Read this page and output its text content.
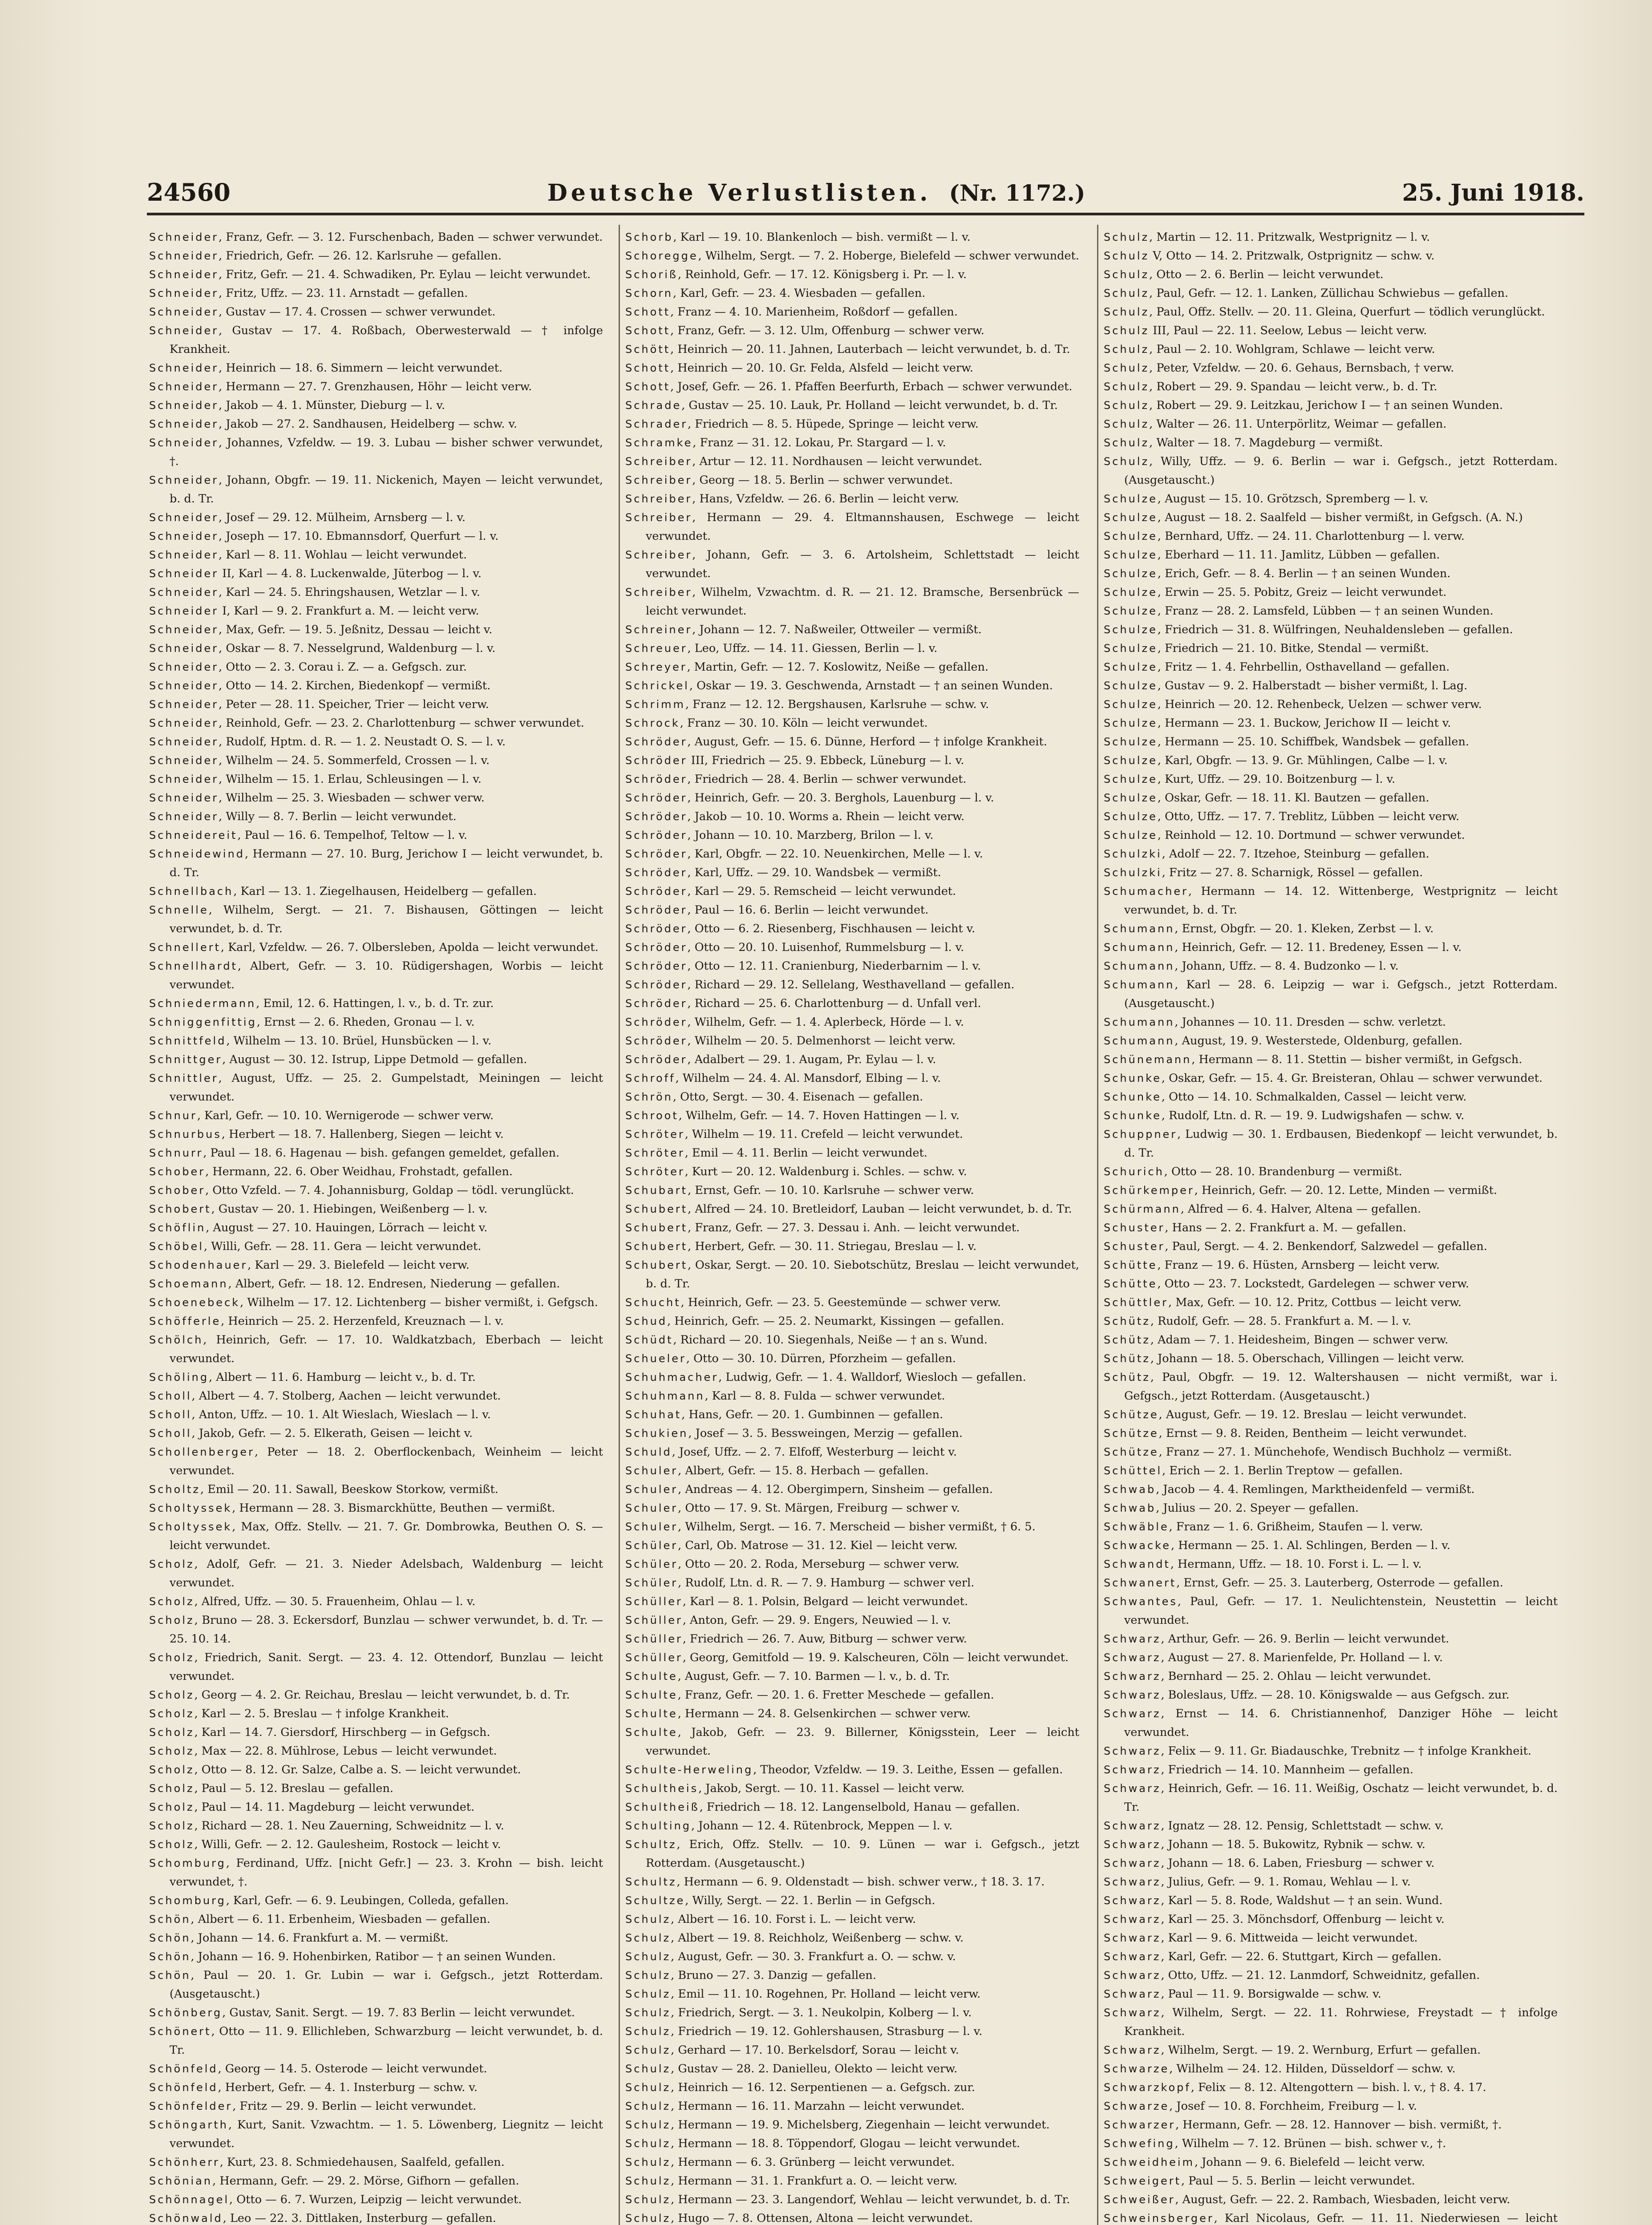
24560	Deutsche Verlustlisten. (Nr. 1172.)	25. Juni 1918.

Schneider, Franz, Gefr. — 3. 12. Furschenbach, Baden — schwer verwundet.

Schneider, Friedrich, Gefr. — 26. 12. Karlsruhe — gefallen.

Schneider, Fritz, Gefr. — 21. 4. Schwadiken, Pr. Eylau — leicht verwundet.

Schneider, Fritz, Uffz. — 23. 11. Arnstadt — gefallen.

Schneider, Gustav — 17. 4. Crossen — schwer verwundet.

Schneider, Gustav — 17. 4. Roßbach, Oberwesterwald — † infolge Krankheit.

Schneider, Heinrich — 18. 6. Simmern — leicht verwundet.

Schneider, Hermann — 27. 7. Grenzhausen, Höhr — leicht verw.

Schneider, Jakob — 4. 1. Münster, Dieburg — l. v.

Schneider, Jakob — 27. 2. Sandhausen, Heidelberg — schw. v.

Schneider, Johannes, Vzfeldw. — 19. 3. Lubau — bisher schwer verwundet, †.

Schneider, Johann, Obgfr. — 19. 11. Nickenich, Mayen — leicht verwundet, b. d. Tr.

Schneider, Josef — 29. 12. Mülheim, Arnsberg — l. v.

Schneider, Joseph — 17. 10. Ebmannsdorf, Querfurt — l. v.

Schneider, Karl — 8. 11. Wohlau — leicht verwundet.

Schneider II, Karl — 4. 8. Luckenwalde, Jüterbog — l. v.

Schneider, Karl — 24. 5. Ehringshausen, Wetzlar — l. v.

Schneider I, Karl — 9. 2. Frankfurt a. M. — leicht verw.

Schneider, Max, Gefr. — 19. 5. Jeßnitz, Dessau — leicht v.

Schneider, Oskar — 8. 7. Nesselgrund, Waldenburg — l. v.

Schneider, Otto — 2. 3. Corau i. Z. — a. Gefgsch. zur.

Schneider, Otto — 14. 2. Kirchen, Biedenkopf — vermißt.

Schneider, Peter — 28. 11. Speicher, Trier — leicht verw.

Schneider, Reinhold, Gefr. — 23. 2. Charlottenburg — schwer verwundet.

Schneider, Rudolf, Hptm. d. R. — 1. 2. Neustadt O. S. — l. v.

Schneider, Wilhelm — 24. 5. Sommerfeld, Crossen — l. v.

Schneider, Wilhelm — 15. 1. Erlau, Schleusingen — l. v.

Schneider, Wilhelm — 25. 3. Wiesbaden — schwer verw.

Schneider, Willy — 8. 7. Berlin — leicht verwundet.

Schneidereit, Paul — 16. 6. Tempelhof, Teltow — l. v.

Schneidewind, Hermann — 27. 10. Burg, Jerichow I — leicht verwundet, b. d. Tr.

Schnellbach, Karl — 13. 1. Ziegelhausen, Heidelberg — gefallen.

Schnelle, Wilhelm, Sergt. — 21. 7. Bishausen, Göttingen — leicht verwundet, b. d. Tr.

Schnellert, Karl, Vzfeldw. — 26. 7. Olbersleben, Apolda — leicht verwundet.

Schnellhardt, Albert, Gefr. — 3. 10. Rüdigershagen, Worbis — leicht verwundet.

Schniedermann, Emil, 12. 6. Hattingen, l. v., b. d. Tr. zur.

Schniggenfittig, Ernst — 2. 6. Rheden, Gronau — l. v.

Schnittfeld, Wilhelm — 13. 10. Brüel, Hunsbücken — l. v.

Schnittger, August — 30. 12. Istrup, Lippe Detmold — gefallen.

Schnittler, August, Uffz. — 25. 2. Gumpelstadt, Meiningen — leicht verwundet.

Schnur, Karl, Gefr. — 10. 10. Wernigerode — schwer verw.

Schnurbus, Herbert — 18. 7. Hallenberg, Siegen — leicht v.

Schnurr, Paul — 18. 6. Hagenau — bish. gefangen gemeldet, gefallen.

Schober, Hermann, 22. 6. Ober Weidhau, Frohstadt, gefallen.

Schober, Otto Vzfeld. — 7. 4. Johannisburg, Goldap — tödl. verunglückt.

Schobert, Gustav — 20. 1. Hiebingen, Weißenberg — l. v.

Schöflin, August — 27. 10. Hauingen, Lörrach — leicht v.

Schöbel, Willi, Gefr. — 28. 11. Gera — leicht verwundet.

Schodenhauer, Karl — 29. 3. Bielefeld — leicht verw.

Schoemann, Albert, Gefr. — 18. 12. Endresen, Niederung — gefallen.

Schoenebeck, Wilhelm — 17. 12. Lichtenberg — bisher vermißt, i. Gefgsch.

Schöfferle, Heinrich — 25. 2. Herzenfeld, Kreuznach — l. v.

Schölch, Heinrich, Gefr. — 17. 10. Waldkatzbach, Eberbach — leicht verwundet.

Schöling, Albert — 11. 6. Hamburg — leicht v., b. d. Tr.

Scholl, Albert — 4. 7. Stolberg, Aachen — leicht verwundet.

Scholl, Anton, Uffz. — 10. 1. Alt Wieslach, Wieslach — l. v.

Scholl, Jakob, Gefr. — 2. 5. Elkerath, Geisen — leicht v.

Schollenberger, Peter — 18. 2. Oberflockenbach, Weinheim — leicht verwundet.

Scholtz, Emil — 20. 11. Sawall, Beeskow Storkow, vermißt.

Scholtyssek, Hermann — 28. 3. Bismarckhütte, Beuthen — vermißt.

Scholtyssek, Max, Offz. Stellv. — 21. 7. Gr. Dombrowka, Beuthen O. S. — leicht verwundet.

Scholz, Adolf, Gefr. — 21. 3. Nieder Adelsbach, Waldenburg — leicht verwundet.

Scholz, Alfred, Uffz. — 30. 5. Frauenheim, Ohlau — l. v.

Scholz, Bruno — 28. 3. Eckersdorf, Bunzlau — schwer verwundet, b. d. Tr. — 25. 10. 14.

Scholz, Friedrich, Sanit. Sergt. — 23. 4. 12. Ottendorf, Bunzlau — leicht verwundet.

Scholz, Georg — 4. 2. Gr. Reichau, Breslau — leicht verwundet, b. d. Tr.

Scholz, Karl — 2. 5. Breslau — † infolge Krankheit.

Scholz, Karl — 14. 7. Giersdorf, Hirschberg — in Gefgsch.

Scholz, Max — 22. 8. Mühlrose, Lebus — leicht verwundet.

Scholz, Otto — 8. 12. Gr. Salze, Calbe a. S. — leicht verwundet.

Scholz, Paul — 5. 12. Breslau — gefallen.

Scholz, Paul — 14. 11. Magdeburg — leicht verwundet.

Scholz, Richard — 28. 1. Neu Zauerning, Schweidnitz — l. v.

Scholz, Willi, Gefr. — 2. 12. Gaulesheim, Rostock — leicht v.

Schomburg, Ferdinand, Uffz. [nicht Gefr.] — 23. 3. Krohn — bish. leicht verwundet, †.

Schomburg, Karl, Gefr. — 6. 9. Leubingen, Colleda, gefallen.

Schön, Albert — 6. 11. Erbenheim, Wiesbaden — gefallen.

Schön, Johann — 14. 6. Frankfurt a. M. — vermißt.

Schön, Johann — 16. 9. Hohenbirken, Ratibor — † an seinen Wunden.

Schön, Paul — 20. 1. Gr. Lubin — war i. Gefgsch., jetzt Rotterdam. (Ausgetauscht.)

Schönberg, Gustav, Sanit. Sergt. — 19. 7. 83 Berlin — leicht verwundet.

Schönert, Otto — 11. 9. Ellichleben, Schwarzburg — leicht verwundet, b. d. Tr.

Schönfeld, Georg — 14. 5. Osterode — leicht verwundet.

Schönfeld, Herbert, Gefr. — 4. 1. Insterburg — schw. v.

Schönfelder, Fritz — 29. 9. Berlin — leicht verwundet.

Schöngarth, Kurt, Sanit. Vzwachtm. — 1. 5. Löwenberg, Liegnitz — leicht verwundet.

Schönherr, Kurt, 23. 8. Schmiedehausen, Saalfeld, gefallen.

Schönian, Hermann, Gefr. — 29. 2. Mörse, Gifhorn — gefallen.

Schönnagel, Otto — 6. 7. Wurzen, Leipzig — leicht verwundet.

Schönwald, Leo — 22. 3. Dittlaken, Insterburg — gefallen.

Schorb, Karl — 19. 10. Blankenloch — bish. vermißt — l. v.

Schoregge, Wilhelm, Sergt. — 7. 2. Hoberge, Bielefeld — schwer verwundet.

Schoriß, Reinhold, Gefr. — 17. 12. Königsberg i. Pr. — l. v.

Schorn, Karl, Gefr. — 23. 4. Wiesbaden — gefallen.

Schott, Franz — 4. 10. Marienheim, Roßdorf — gefallen.

Schott, Franz, Gefr. — 3. 12. Ulm, Offenburg — schwer verw.

Schött, Heinrich — 20. 11. Jahnen, Lauterbach — leicht verwundet, b. d. Tr.

Schott, Heinrich — 20. 10. Gr. Felda, Alsfeld — leicht verw.

Schott, Josef, Gefr. — 26. 1. Pfaffen Beerfurth, Erbach — schwer verwundet.

Schrade, Gustav — 25. 10. Lauk, Pr. Holland — leicht verwundet, b. d. Tr.

Schrader, Friedrich — 8. 5. Hüpede, Springe — leicht verw.

Schramke, Franz — 31. 12. Lokau, Pr. Stargard — l. v.

Schreiber, Artur — 12. 11. Nordhausen — leicht verwundet.

Schreiber, Georg — 18. 5. Berlin — schwer verwundet.

Schreiber, Hans, Vzfeldw. — 26. 6. Berlin — leicht verw.

Schreiber, Hermann — 29. 4. Eltmannshausen, Eschwege — leicht verwundet.

Schreiber, Johann, Gefr. — 3. 6. Artolsheim, Schlettstadt — leicht verwundet.

Schreiber, Wilhelm, Vzwachtm. d. R. — 21. 12. Bramsche, Bersenbrück — leicht verwundet.

Schreiner, Johann — 12. 7. Naßweiler, Ottweiler — vermißt.

Schreuer, Leo, Uffz. — 14. 11. Giessen, Berlin — l. v.

Schreyer, Martin, Gefr. — 12. 7. Koslowitz, Neiße — gefallen.

Schrickel, Oskar — 19. 3. Geschwenda, Arnstadt — † an seinen Wunden.

Schrimm, Franz — 12. 12. Bergshausen, Karlsruhe — schw. v.

Schrock, Franz — 30. 10. Köln — leicht verwundet.

Schröder, August, Gefr. — 15. 6. Dünne, Herford — † infolge Krankheit.

Schröder III, Friedrich — 25. 9. Ebbeck, Lüneburg — l. v.

Schröder, Friedrich — 28. 4. Berlin — schwer verwundet.

Schröder, Heinrich, Gefr. — 20. 3. Berghols, Lauenburg — l. v.

Schröder, Jakob — 10. 10. Worms a. Rhein — leicht verw.

Schröder, Johann — 10. 10. Marzberg, Brilon — l. v.

Schröder, Karl, Obgfr. — 22. 10. Neuenkirchen, Melle — l. v.

Schröder, Karl, Uffz. — 29. 10. Wandsbek — vermißt.

Schröder, Karl — 29. 5. Remscheid — leicht verwundet.

Schröder, Paul — 16. 6. Berlin — leicht verwundet.

Schröder, Otto — 6. 2. Riesenberg, Fischhausen — leicht v.

Schröder, Otto — 20. 10. Luisenhof, Rummelsburg — l. v.

Schröder, Otto — 12. 11. Cranienburg, Niederbarnim — l. v.

Schröder, Richard — 29. 12. Sellelang, Westhavelland — gefallen.

Schröder, Richard — 25. 6. Charlottenburg — d. Unfall verl.

Schröder, Wilhelm, Gefr. — 1. 4. Aplerbeck, Hörde — l. v.

Schröder, Wilhelm — 20. 5. Delmenhorst — leicht verw.

Schröder, Adalbert — 29. 1. Augam, Pr. Eylau — l. v.

Schroff, Wilhelm — 24. 4. Al. Mansdorf, Elbing — l. v.

Schrön, Otto, Sergt. — 30. 4. Eisenach — gefallen.

Schroot, Wilhelm, Gefr. — 14. 7. Hoven Hattingen — l. v.

Schröter, Wilhelm — 19. 11. Crefeld — leicht verwundet.

Schröter, Emil — 4. 11. Berlin — leicht verwundet.

Schröter, Kurt — 20. 12. Waldenburg i. Schles. — schw. v.

Schubart, Ernst, Gefr. — 10. 10. Karlsruhe — schwer verw.

Schubert, Alfred — 24. 10. Bretleidorf, Lauban — leicht verwundet, b. d. Tr.

Schubert, Franz, Gefr. — 27. 3. Dessau i. Anh. — leicht verwundet.

Schubert, Herbert, Gefr. — 30. 11. Striegau, Breslau — l. v.

Schubert, Oskar, Sergt. — 20. 10. Siebotschütz, Breslau — leicht verwundet, b. d. Tr.

Schucht, Heinrich, Gefr. — 23. 5. Geestemünde — schwer verw.

Schud, Heinrich, Gefr. — 25. 2. Neumarkt, Kissingen — gefallen.

Schüdt, Richard — 20. 10. Siegenhals, Neiße — † an s. Wund.

Schueler, Otto — 30. 10. Dürren, Pforzheim — gefallen.

Schuhmacher, Ludwig, Gefr. — 1. 4. Walldorf, Wiesloch — gefallen.

Schuhmann, Karl — 8. 8. Fulda — schwer verwundet.

Schuhat, Hans, Gefr. — 20. 1. Gumbinnen — gefallen.

Schukien, Josef — 3. 5. Bessweingen, Merzig — gefallen.

Schuld, Josef, Uffz. — 2. 7. Elfoff, Westerburg — leicht v.

Schuler, Albert, Gefr. — 15. 8. Herbach — gefallen.

Schuler, Andreas — 4. 12. Obergimpern, Sinsheim — gefallen.

Schuler, Otto — 17. 9. St. Märgen, Freiburg — schwer v.

Schuler, Wilhelm, Sergt. — 16. 7. Merscheid — bisher vermißt, † 6. 5.

Schüler, Carl, Ob. Matrose — 31. 12. Kiel — leicht verw.

Schüler, Otto — 20. 2. Roda, Merseburg — schwer verw.

Schüler, Rudolf, Ltn. d. R. — 7. 9. Hamburg — schwer verl.

Schüller, Karl — 8. 1. Polsin, Belgard — leicht verwundet.

Schüller, Anton, Gefr. — 29. 9. Engers, Neuwied — l. v.

Schüller, Friedrich — 26. 7. Auw, Bitburg — schwer verw.

Schüller, Georg, Gemitfold — 19. 9. Kalscheuren, Cöln — leicht verwundet.

Schulte, August, Gefr. — 7. 10. Barmen — l. v., b. d. Tr.

Schulte, Franz, Gefr. — 20. 1. 6. Fretter Meschede — gefallen.

Schulte, Hermann — 24. 8. Gelsenkirchen — schwer verw.

Schulte, Jakob, Gefr. — 23. 9. Billerner, Königsstein, Leer — leicht verwundet.

Schulte-Herweling, Theodor, Vzfeldw. — 19. 3. Leithe, Essen — gefallen.

Schultheis, Jakob, Sergt. — 10. 11. Kassel — leicht verw.

Schultheiß, Friedrich — 18. 12. Langenselbold, Hanau — gefallen.

Schulting, Johann — 12. 4. Rütenbrock, Meppen — l. v.

Schultz, Erich, Offz. Stellv. — 10. 9. Lünen — war i. Gefgsch., jetzt Rotterdam. (Ausgetauscht.)

Schultz, Hermann — 6. 9. Oldenstadt — bish. schwer verw., † 18. 3. 17.

Schultze, Willy, Sergt. — 22. 1. Berlin — in Gefgsch.

Schulz, Albert — 16. 10. Forst i. L. — leicht verw.

Schulz, Albert — 19. 8. Reichholz, Weißenberg — schw. v.

Schulz, August, Gefr. — 30. 3. Frankfurt a. O. — schw. v.

Schulz, Bruno — 27. 3. Danzig — gefallen.

Schulz, Emil — 11. 10. Rogehnen, Pr. Holland — leicht verw.

Schulz, Friedrich, Sergt. — 3. 1. Neukolpin, Kolberg — l. v.

Schulz, Friedrich — 19. 12. Gohlershausen, Strasburg — l. v.

Schulz, Gerhard — 17. 10. Berkelsdorf, Sorau — leicht v.

Schulz, Gustav — 28. 2. Danielleu, Olekto — leicht verw.

Schulz, Heinrich — 16. 12. Serpentienen — a. Gefgsch. zur.

Schulz, Hermann — 16. 11. Marzahn — leicht verwundet.

Schulz, Hermann — 19. 9. Michelsberg, Ziegenhain — leicht verwundet.

Schulz, Hermann — 18. 8. Töppendorf, Glogau — leicht verwundet.

Schulz, Hermann — 6. 3. Grünberg — leicht verwundet.

Schulz, Hermann — 31. 1. Frankfurt a. O. — leicht verw.

Schulz, Hermann — 23. 3. Langendorf, Wehlau — leicht verwundet, b. d. Tr.

Schulz, Hugo — 7. 8. Ottensen, Altona — leicht verwundet.

Schulz, Martin — 12. 11. Pritzwalk, Westprignitz — l. v.

Schulz V, Otto — 14. 2. Pritzwalk, Ostprignitz — schw. v.

Schulz, Otto — 2. 6. Berlin — leicht verwundet.

Schulz, Paul, Gefr. — 12. 1. Lanken, Züllichau Schwiebus — gefallen.

Schulz, Paul, Offz. Stellv. — 20. 11. Gleina, Querfurt — tödlich verunglückt.

Schulz III, Paul — 22. 11. Seelow, Lebus — leicht verw.

Schulz, Paul — 2. 10. Wohlgram, Schlawe — leicht verw.

Schulz, Peter, Vzfeldw. — 20. 6. Gehaus, Bernsbach, † verw.

Schulz, Robert — 29. 9. Spandau — leicht verw., b. d. Tr.

Schulz, Robert — 29. 9. Leitzkau, Jerichow I — † an seinen Wunden.

Schulz, Walter — 26. 11. Unterpörlitz, Weimar — gefallen.

Schulz, Walter — 18. 7. Magdeburg — vermißt.

Schulz, Willy, Uffz. — 9. 6. Berlin — war i. Gefgsch., jetzt Rotterdam. (Ausgetauscht.)

Schulze, August — 15. 10. Grötzsch, Spremberg — l. v.

Schulze, August — 18. 2. Saalfeld — bisher vermißt, in Gefgsch. (A. N.)

Schulze, Bernhard, Uffz. — 24. 11. Charlottenburg — l. verw.

Schulze, Eberhard — 11. 11. Jamlitz, Lübben — gefallen.

Schulze, Erich, Gefr. — 8. 4. Berlin — † an seinen Wunden.

Schulze, Erwin — 25. 5. Pobitz, Greiz — leicht verwundet.

Schulze, Franz — 28. 2. Lamsfeld, Lübben — † an seinen Wunden.

Schulze, Friedrich — 31. 8. Wülfringen, Neuhaldensleben — gefallen.

Schulze, Friedrich — 21. 10. Bitke, Stendal — vermißt.

Schulze, Fritz — 1. 4. Fehrbellin, Osthavelland — gefallen.

Schulze, Gustav — 9. 2. Halberstadt — bisher vermißt, l. Lag.

Schulze, Heinrich — 20. 12. Rehenbeck, Uelzen — schwer verw.

Schulze, Hermann — 23. 1. Buckow, Jerichow II — leicht v.

Schulze, Hermann — 25. 10. Schiffbek, Wandsbek — gefallen.

Schulze, Karl, Obgfr. — 13. 9. Gr. Mühlingen, Calbe — l. v.

Schulze, Kurt, Uffz. — 29. 10. Boitzenburg — l. v.

Schulze, Oskar, Gefr. — 18. 11. Kl. Bautzen — gefallen.

Schulze, Otto, Uffz. — 17. 7. Treblitz, Lübben — leicht verw.

Schulze, Reinhold — 12. 10. Dortmund — schwer verwundet.

Schulzki, Adolf — 22. 7. Itzehoe, Steinburg — gefallen.

Schulzki, Fritz — 27. 8. Scharnigk, Rössel — gefallen.

Schumacher, Hermann — 14. 12. Wittenberge, Westprignitz — leicht verwundet, b. d. Tr.

Schumann, Ernst, Obgfr. — 20. 1. Kleken, Zerbst — l. v.

Schumann, Heinrich, Gefr. — 12. 11. Bredeney, Essen — l. v.

Schumann, Johann, Uffz. — 8. 4. Budzonko — l. v.

Schumann, Karl — 28. 6. Leipzig — war i. Gefgsch., jetzt Rotterdam. (Ausgetauscht.)

Schumann, Johannes — 10. 11. Dresden — schw. verletzt.

Schumann, August, 19. 9. Westerstede, Oldenburg, gefallen.

Schünemann, Hermann — 8. 11. Stettin — bisher vermißt, in Gefgsch.

Schunke, Oskar, Gefr. — 15. 4. Gr. Breisteran, Ohlau — schwer verwundet.

Schunke, Otto — 14. 10. Schmalkalden, Cassel — leicht verw.

Schunke, Rudolf, Ltn. d. R. — 19. 9. Ludwigshafen — schw. v.

Schuppner, Ludwig — 30. 1. Erdbausen, Biedenkopf — leicht verwundet, b. d. Tr.

Schurich, Otto — 28. 10. Brandenburg — vermißt.

Schürkemper, Heinrich, Gefr. — 20. 12. Lette, Minden — vermißt.

Schürmann, Alfred — 6. 4. Halver, Altena — gefallen.

Schuster, Hans — 2. 2. Frankfurt a. M. — gefallen.

Schuster, Paul, Sergt. — 4. 2. Benkendorf, Salzwedel — gefallen.

Schütte, Franz — 19. 6. Hüsten, Arnsberg — leicht verw.

Schütte, Otto — 23. 7. Lockstedt, Gardelegen — schwer verw.

Schüttler, Max, Gefr. — 10. 12. Pritz, Cottbus — leicht verw.

Schütz, Rudolf, Gefr. — 28. 5. Frankfurt a. M. — l. v.

Schütz, Adam — 7. 1. Heidesheim, Bingen — schwer verw.

Schütz, Johann — 18. 5. Oberschach, Villingen — leicht verw.

Schütz, Paul, Obgfr. — 19. 12. Waltershausen — nicht vermißt, war i. Gefgsch., jetzt Rotterdam. (Ausgetauscht.)

Schütze, August, Gefr. — 19. 12. Breslau — leicht verwundet.

Schütze, Ernst — 9. 8. Reiden, Bentheim — leicht verwundet.

Schütze, Franz — 27. 1. Münchehofe, Wendisch Buchholz — vermißt.

Schüttel, Erich — 2. 1. Berlin Treptow — gefallen.

Schwab, Jacob — 4. 4. Remlingen, Marktheidenfeld — vermißt.

Schwab, Julius — 20. 2. Speyer — gefallen.

Schwäble, Franz — 1. 6. Grißheim, Staufen — l. verw.

Schwacke, Hermann — 25. 1. Al. Schlingen, Berden — l. v.

Schwandt, Hermann, Uffz. — 18. 10. Forst i. L. — l. v.

Schwanert, Ernst, Gefr. — 25. 3. Lauterberg, Osterrode — gefallen.

Schwantes, Paul, Gefr. — 17. 1. Neulichtenstein, Neustettin — leicht verwundet.

Schwarz, Arthur, Gefr. — 26. 9. Berlin — leicht verwundet.

Schwarz, August — 27. 8. Marienfelde, Pr. Holland — l. v.

Schwarz, Bernhard — 25. 2. Ohlau — leicht verwundet.

Schwarz, Boleslaus, Uffz. — 28. 10. Königswalde — aus Gefgsch. zur.

Schwarz, Ernst — 14. 6. Christiannenhof, Danziger Höhe — leicht verwundet.

Schwarz, Felix — 9. 11. Gr. Biadauschke, Trebnitz — † infolge Krankheit.

Schwarz, Friedrich — 14. 10. Mannheim — gefallen.

Schwarz, Heinrich, Gefr. — 16. 11. Weißig, Oschatz — leicht verwundet, b. d. Tr.

Schwarz, Ignatz — 28. 12. Pensig, Schlettstadt — schw. v.

Schwarz, Johann — 18. 5. Bukowitz, Rybnik — schw. v.

Schwarz, Johann — 18. 6. Laben, Friesburg — schwer v.

Schwarz, Julius, Gefr. — 9. 1. Romau, Wehlau — l. v.

Schwarz, Karl — 5. 8. Rode, Waldshut — † an sein. Wund.

Schwarz, Karl — 25. 3. Mönchsdorf, Offenburg — leicht v.

Schwarz, Karl — 9. 6. Mittweida — leicht verwundet.

Schwarz, Karl, Gefr. — 22. 6. Stuttgart, Kirch — gefallen.

Schwarz, Otto, Uffz. — 21. 12. Lanmdorf, Schweidnitz, gefallen.

Schwarz, Paul — 11. 9. Borsigwalde — schw. v.

Schwarz, Wilhelm, Sergt. — 22. 11. Rohrwiese, Freystadt — † infolge Krankheit.

Schwarz, Wilhelm, Sergt. — 19. 2. Wernburg, Erfurt — gefallen.

Schwarze, Wilhelm — 24. 12. Hilden, Düsseldorf — schw. v.

Schwarzkopf, Felix — 8. 12. Altengottern — bish. l. v., † 8. 4. 17.

Schwarze, Josef — 10. 8. Forchheim, Freiburg — l. v.

Schwarzer, Hermann, Gefr. — 28. 12. Hannover — bish. vermißt, †.

Schwefing, Wilhelm — 7. 12. Brünen — bish. schwer v., †.

Schweidheim, Johann — 9. 6. Bielefeld — leicht verw.

Schweigert, Paul — 5. 5. Berlin — leicht verwundet.

Schweißer, August, Gefr. — 22. 2. Rambach, Wiesbaden, leicht verw.

Schweinsberger, Karl Nicolaus, Gefr. — 11. 11. Niederwiesen — leicht
